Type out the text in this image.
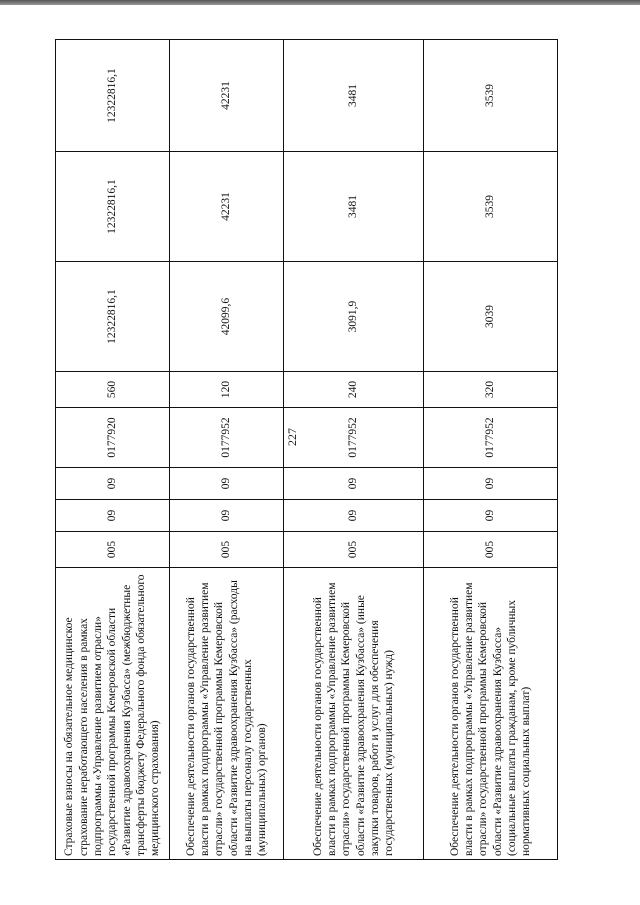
227
Страховые взносы на обязательное медицинское страхование неработающего населения в рамках подпрограммы «Управление развитием отрасли» государственной программы Кемеровской области «Развитие здравоохранения Кузбасса» (межбюджетные трансферты бюджету Федерального фонда обязательного медицинского страхования)	005	09	09	0177920	560	12322816,1	12322816,1	12322816,1
Обеспечение деятельности органов государственной власти в рамках подпрограммы «Управление развитием отрасли» государственной программы Кемеровской области «Развитие здравоохранения Кузбасса» (расходы на выплаты персоналу государственных (муниципальных) органов)	005	09	09	0177952	120	42099,6	42231	42231
Обеспечение деятельности органов государственной власти в рамках подпрограммы «Управление развитием отрасли» государственной программы Кемеровской области «Развитие здравоохранения Кузбасса» (иные закупки товаров, работ и услуг для обеспечения государственных (муниципальных) нужд)	005	09	09	0177952	240	3091,9	3481	3481
Обеспечение деятельности органов государственной власти в рамках подпрограммы «Управление развитием отрасли» государственной программы Кемеровской области «Развитие здравоохранения Кузбасса» (социальные выплаты гражданам, кроме публичных нормативных социальных выплат)	005	09	09	0177952	320	3039	3539	3539
